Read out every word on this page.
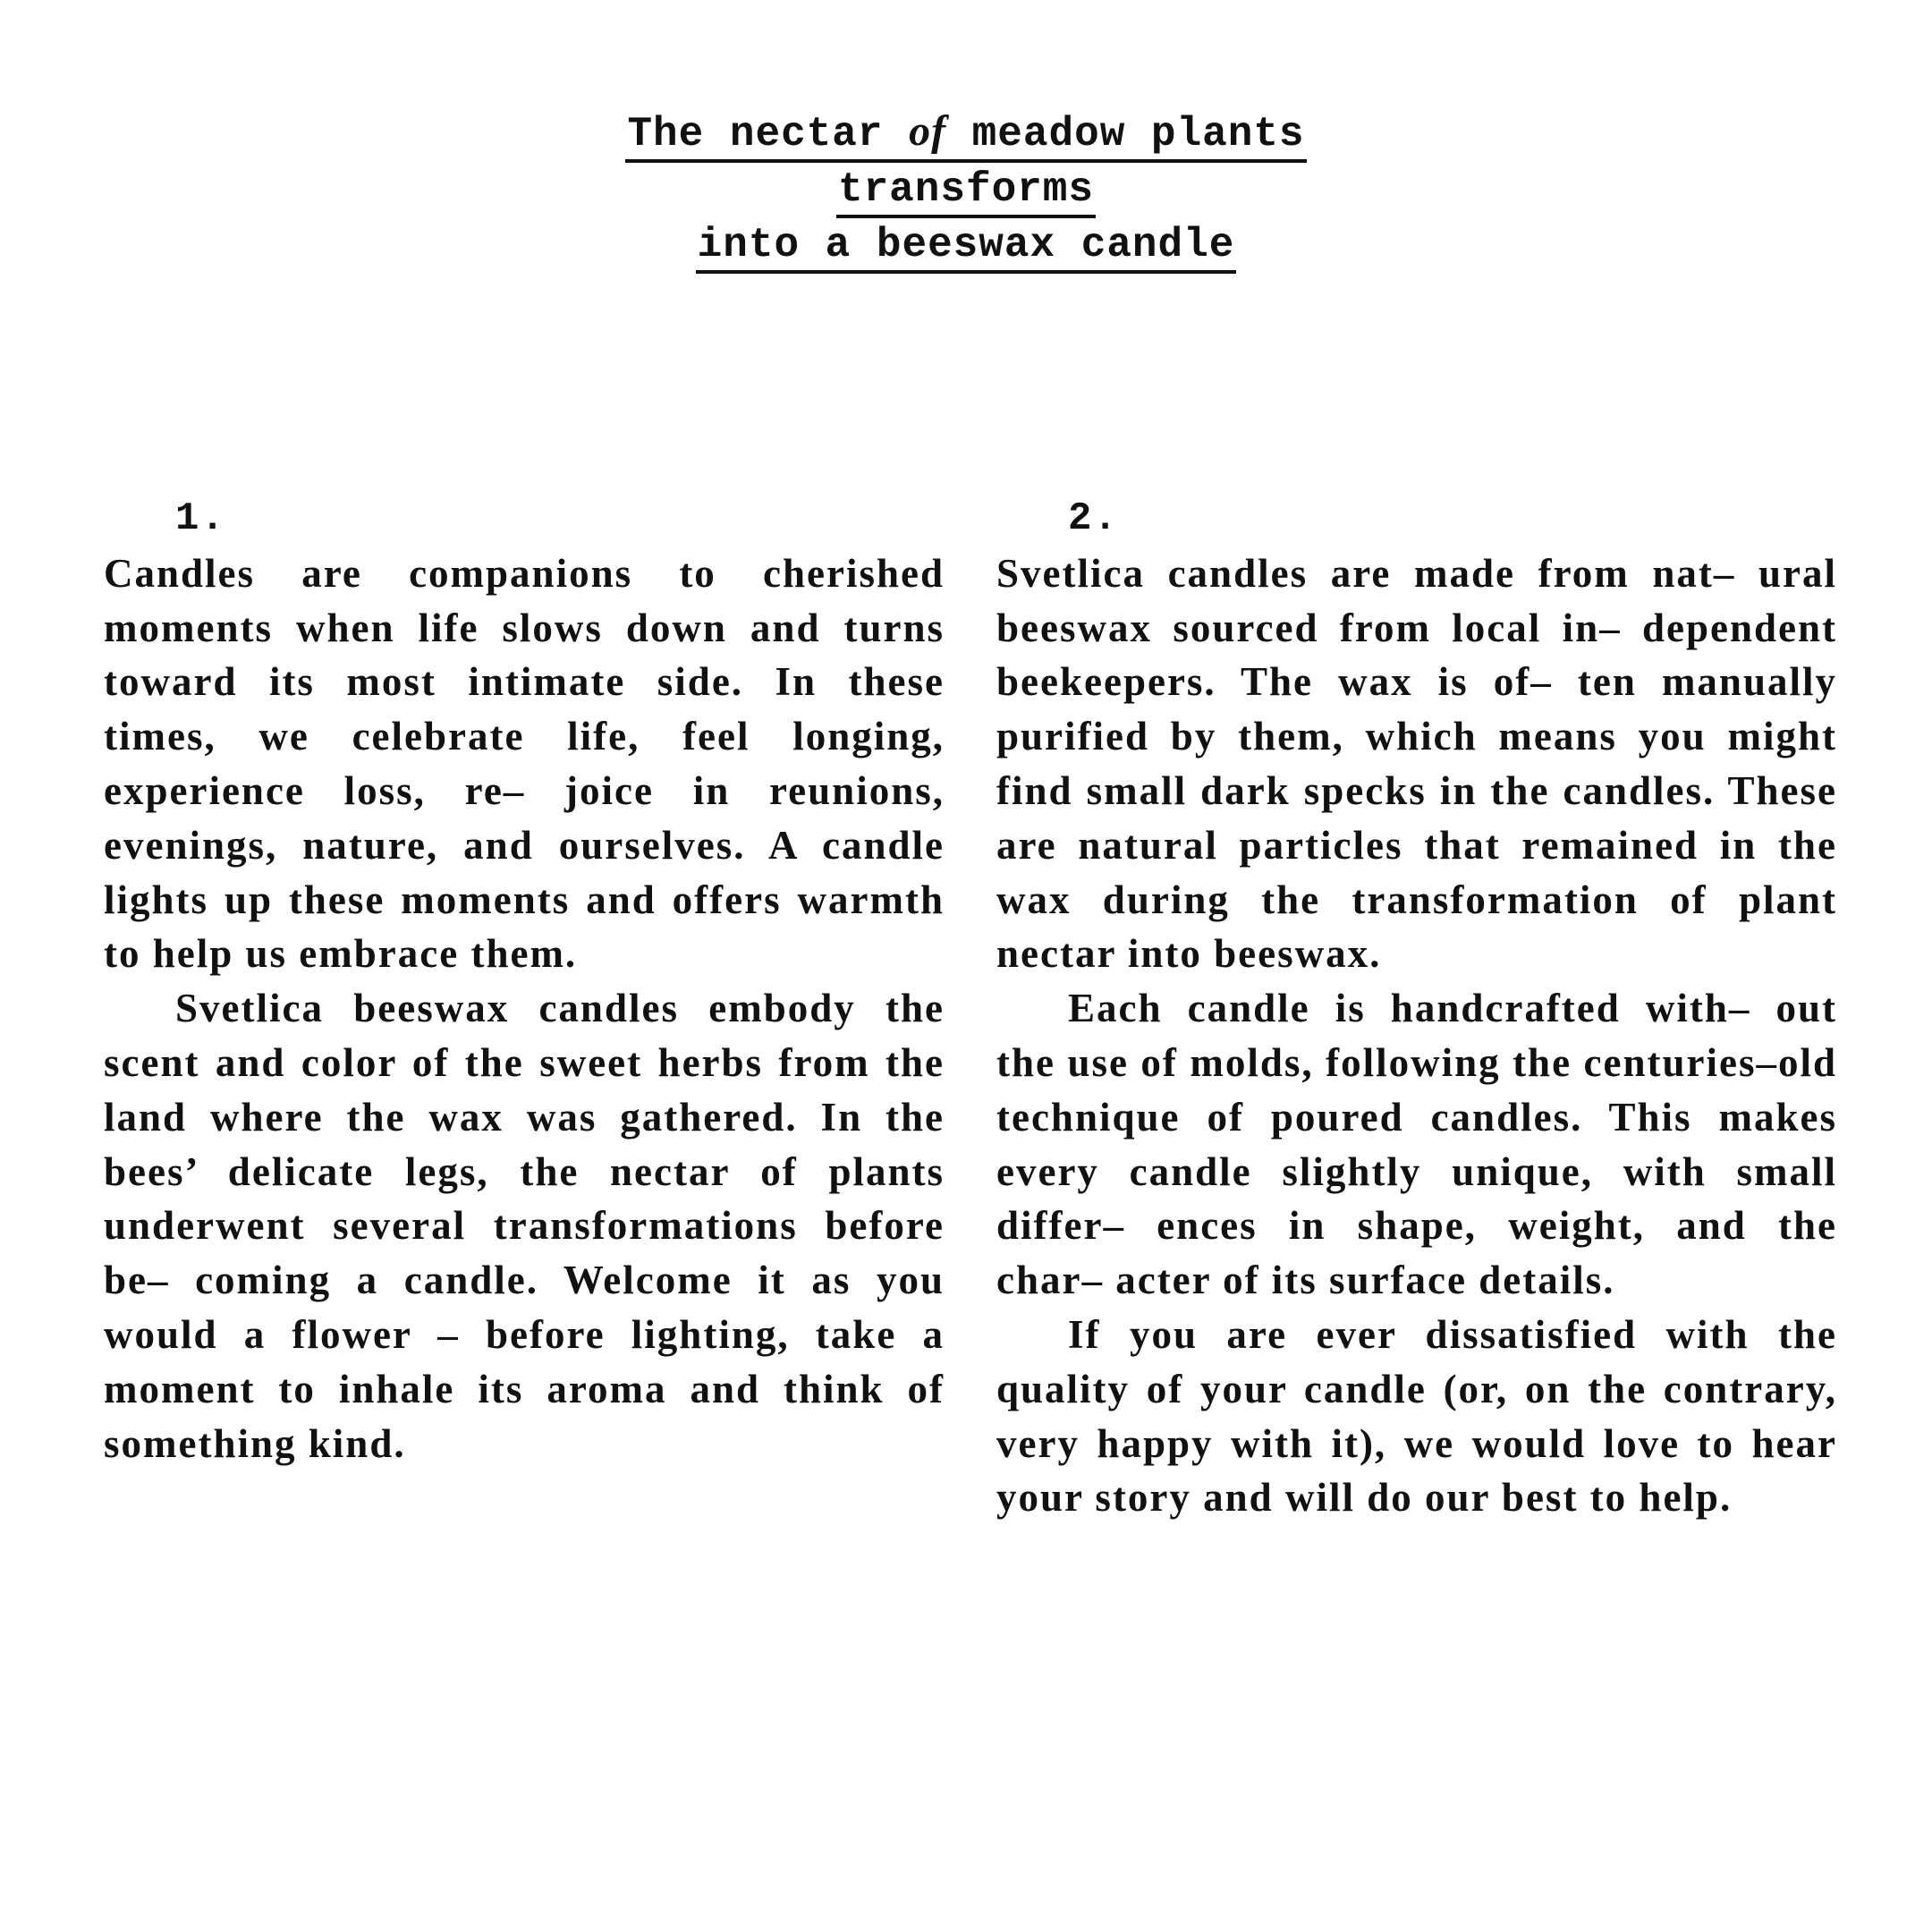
The nectar of meadow plants
transforms
into a beeswax candle

1.

Candles are companions to cherished moments when life slows down and turns toward its most intimate side. In these times, we celebrate life, feel longing, experience loss, re– joice in reunions, evenings, nature, and ourselves. A candle lights up these moments and offers warmth to help us embrace them.

Svetlica beeswax candles embody the scent and color of the sweet herbs from the land where the wax was gathered. In the bees’ delicate legs, the nectar of plants underwent several transformations before be– coming a candle. Welcome it as you would a flower – before lighting, take a moment to inhale its aroma and think of something kind.

2.

Svetlica candles are made from nat– ural beeswax sourced from local in– dependent beekeepers. The wax is of– ten manually purified by them, which means you might find small dark specks in the candles. These are natural particles that remained in the wax during the transformation of plant nectar into beeswax.

Each candle is handcrafted with– out the use of molds, following the centuries–old technique of poured candles. This makes every candle slightly unique, with small differ– ences in shape, weight, and the char– acter of its surface details.

If you are ever dissatisfied with the quality of your candle (or, on the contrary, very happy with it), we would love to hear your story and will do our best to help.
